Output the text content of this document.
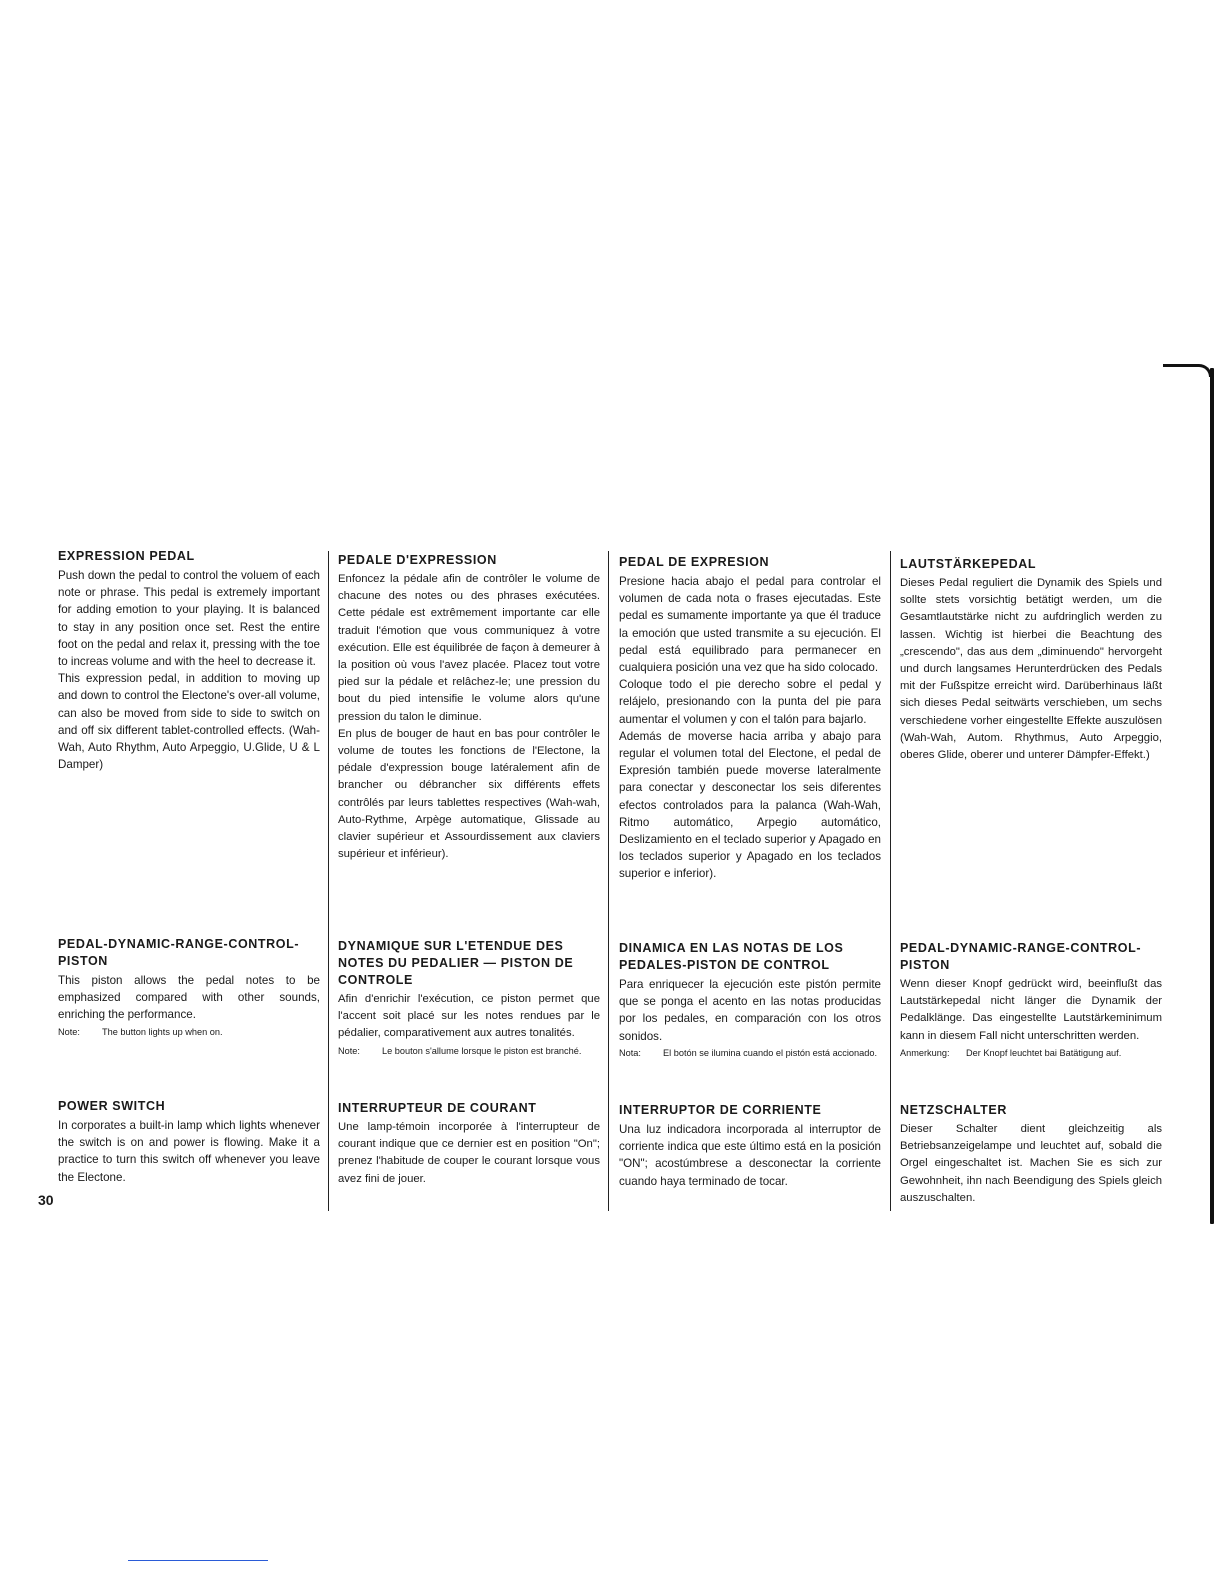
EXPRESSION PEDAL

Push down the pedal to control the voluem of each note or phrase. This pedal is extremely important for adding emotion to your playing. It is balanced to stay in any position once set. Rest the entire foot on the pedal and relax it, pressing with the toe to increas volume and with the heel to decrease it.

This expression pedal, in addition to moving up and down to control the Electone's over-all volume, can also be moved from side to side to switch on and off six different tablet-controlled effects. (Wah-Wah, Auto Rhythm, Auto Arpeggio, U.Glide, U & L Damper)

PEDAL-DYNAMIC-RANGE-CONTROL-PISTON

This piston allows the pedal notes to be emphasized compared with other sounds, enriching the performance.

Note:	The button lights up when on.
POWER SWITCH

In corporates a built-in lamp which lights whenever the switch is on and power is flowing. Make it a practice to turn this switch off whenever you leave the Electone.

PEDALE D'EXPRESSION

Enfoncez la pédale afin de contrôler le volume de chacune des notes ou des phrases exécutées. Cette pédale est extrêmement importante car elle traduit l'émotion que vous communiquez à votre exécution. Elle est équilibrée de façon à demeurer à la position où vous l'avez placée. Placez tout votre pied sur la pédale et relâchez-le; une pression du bout du pied intensifie le volume alors qu'une pression du talon le diminue.

En plus de bouger de haut en bas pour contrôler le volume de toutes les fonctions de l'Electone, la pédale d'expression bouge latéralement afin de brancher ou débrancher six différents effets contrôlés par leurs tablettes respectives (Wah-wah, Auto-Rythme, Arpège automatique, Glissade au clavier supérieur et Assourdissement aux claviers supérieur et inférieur).

DYNAMIQUE SUR L'ETENDUE DES NOTES DU PEDALIER — PISTON DE CONTROLE

Afin d'enrichir l'exécution, ce piston permet que l'accent soit placé sur les notes rendues par le pédalier, comparativement aux autres tonalités.

Note:	Le bouton s'allume lorsque le piston est branché.
INTERRUPTEUR DE COURANT

Une lamp-témoin incorporée à l'interrupteur de courant indique que ce dernier est en position "On"; prenez l'habitude de couper le courant lorsque vous avez fini de jouer.

PEDAL DE EXPRESION

Presione hacia abajo el pedal para controlar el volumen de cada nota o frases ejecutadas. Este pedal es sumamente importante ya que él traduce la emoción que usted transmite a su ejecución. El pedal está equilibrado para permanecer en cualquiera posición una vez que ha sido colocado.

Coloque todo el pie derecho sobre el pedal y relájelo, presionando con la punta del pie para aumentar el volumen y con el talón para bajarlo.

Además de moverse hacia arriba y abajo para regular el volumen total del Electone, el pedal de Expresión también puede moverse lateralmente para conectar y desconectar los seis diferentes efectos controlados para la palanca (Wah-Wah, Ritmo automático, Arpegio automático, Deslizamiento en el teclado superior y Apagado en los teclados superior y Apagado en los teclados superior e inferior).

DINAMICA EN LAS NOTAS DE LOS PEDALES-PISTON DE CONTROL

Para enriquecer la ejecución este pistón permite que se ponga el acento en las notas producidas por los pedales, en comparación con los otros sonidos.

Nota:	El botón se ilumina cuando el pistón está accionado.
INTERRUPTOR DE CORRIENTE

Una luz indicadora incorporada al interruptor de corriente indica que este último está en la posición "ON"; acostúmbrese a desconectar la corriente cuando haya terminado de tocar.

LAUTSTÄRKEPEDAL

Dieses Pedal reguliert die Dynamik des Spiels und sollte stets vorsichtig betätigt werden, um die Gesamtlautstärke nicht zu aufdringlich werden zu lassen. Wichtig ist hierbei die Beachtung des „crescendo", das aus dem „diminuendo" hervorgeht und durch langsames Herunterdrücken des Pedals mit der Fußspitze erreicht wird. Darüberhinaus läßt sich dieses Pedal seitwärts verschieben, um sechs verschiedene vorher eingestellte Effekte auszulösen (Wah-Wah, Autom. Rhythmus, Auto Arpeggio, oberes Glide, oberer und unterer Dämpfer-Effekt.)

PEDAL-DYNAMIC-RANGE-CONTROL-PISTON

Wenn dieser Knopf gedrückt wird, beeinflußt das Lautstärkepedal nicht länger die Dynamik der Pedalklänge. Das eingestellte Lautstärkeminimum kann in diesem Fall nicht unterschritten werden.

Anmerkung:	Der Knopf leuchtet bai Batätigung auf.
NETZSCHALTER

Dieser Schalter dient gleichzeitig als Betriebsanzeigelampe und leuchtet auf, sobald die Orgel eingeschaltet ist. Machen Sie es sich zur Gewohnheit, ihn nach Beendigung des Spiels gleich auszuschalten.

30
